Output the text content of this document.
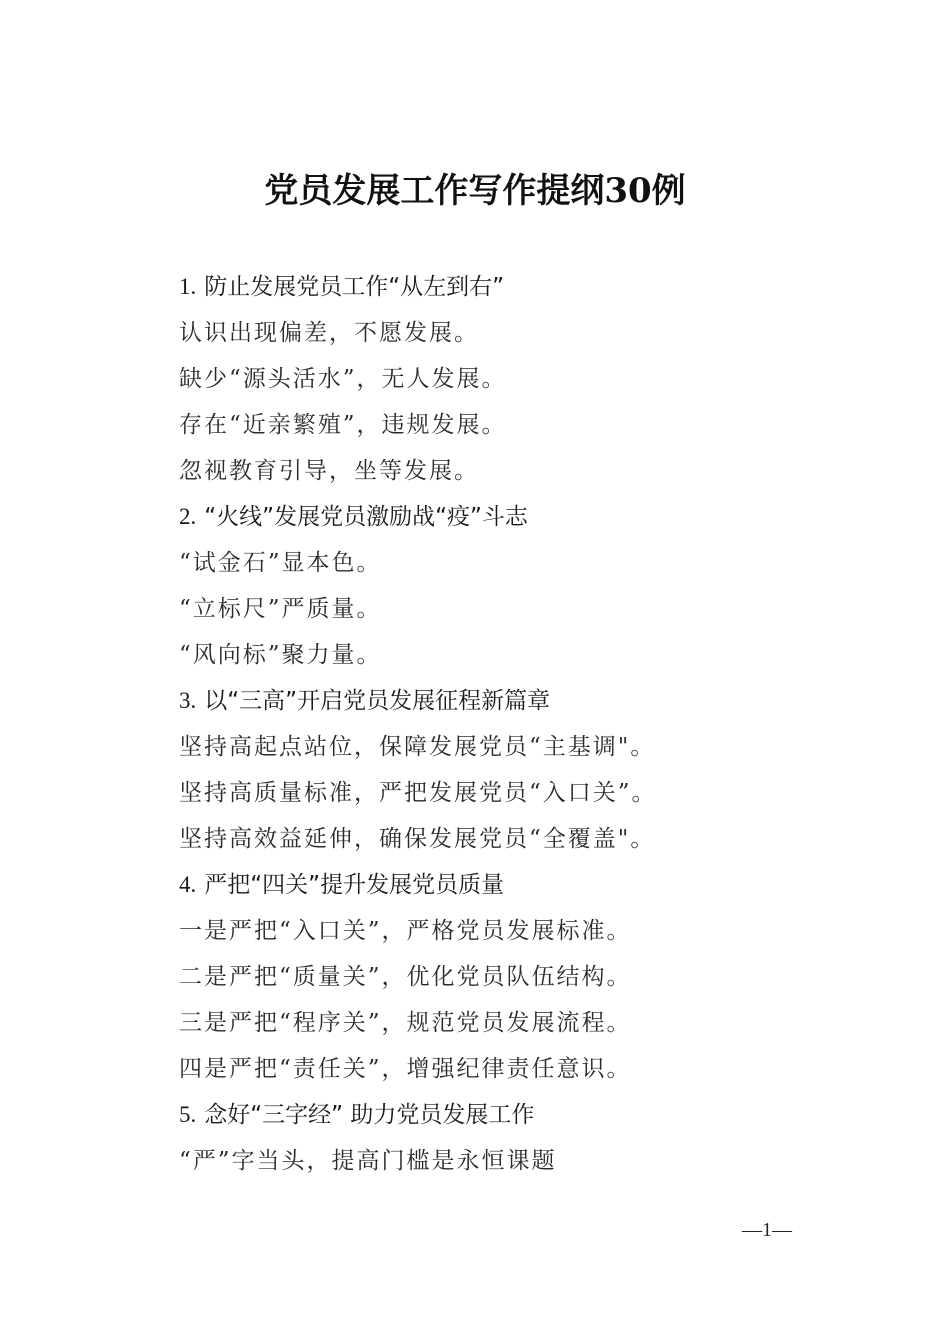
党员发展工作写作提纲30例
1. 防止发展党员工作“从左到右”
认识出现偏差，不愿发展。
缺少“源头活水”，无人发展。
存在“近亲繁殖”，违规发展。
忽视教育引导，坐等发展。
2. “火线”发展党员激励战“疫”斗志
“试金石”显本色。
“立标尺”严质量。
“风向标”聚力量。
3. 以“三高”开启党员发展征程新篇章
坚持高起点站位，保障发展党员“主基调"。
坚持高质量标准，严把发展党员“入口关”。
坚持高效益延伸，确保发展党员“全覆盖"。
4. 严把“四关”提升发展党员质量
一是严把“入口关”，严格党员发展标准。
二是严把“质量关”，优化党员队伍结构。
三是严把“程序关”，规范党员发展流程。
四是严把“责任关”，增强纪律责任意识。
5. 念好“三字经” 助力党员发展工作
“严”字当头，提高门槛是永恒课题
—1—
